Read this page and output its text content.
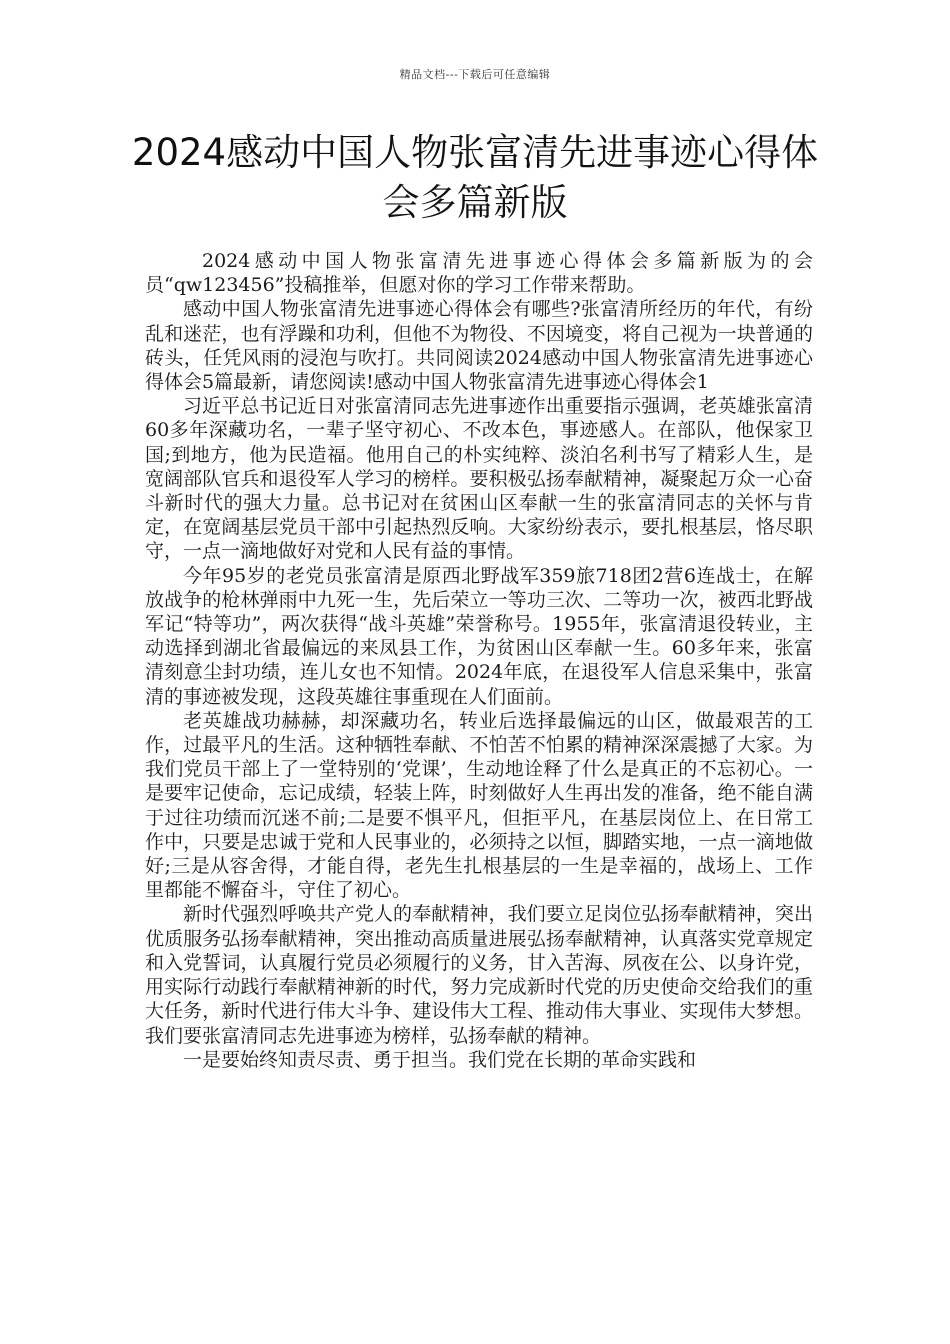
精品文档---下载后可任意编辑
2024感动中国人物张富清先进事迹心得体会多篇新版

2024感动中国人物张富清先进事迹心得体会多篇新版为的会员“qw123456”投稿推举，但愿对你的学习工作带来帮助。

感动中国人物张富清先进事迹心得体会有哪些?张富清所经历的年代，有纷乱和迷茫，也有浮躁和功利，但他不为物役、不因境变，将自己视为一块普通的砖头，任凭风雨的浸泡与吹打。共同阅读2024感动中国人物张富清先进事迹心得体会5篇最新，请您阅读!感动中国人物张富清先进事迹心得体会1

习近平总书记近日对张富清同志先进事迹作出重要指示强调，老英雄张富清60多年深藏功名，一辈子坚守初心、不改本色，事迹感人。在部队，他保家卫国;到地方，他为民造福。他用自己的朴实纯粹、淡泊名利书写了精彩人生，是宽阔部队官兵和退役军人学习的榜样。要积极弘扬奉献精神，凝聚起万众一心奋斗新时代的强大力量。总书记对在贫困山区奉献一生的张富清同志的关怀与肯定，在宽阔基层党员干部中引起热烈反响。大家纷纷表示，要扎根基层，恪尽职守，一点一滴地做好对党和人民有益的事情。

今年95岁的老党员张富清是原西北野战军359旅718团2营6连战士，在解放战争的枪林弹雨中九死一生，先后荣立一等功三次、二等功一次，被西北野战军记“特等功”，两次获得“战斗英雄”荣誉称号。1955年，张富清退役转业，主动选择到湖北省最偏远的来凤县工作，为贫困山区奉献一生。60多年来，张富清刻意尘封功绩，连儿女也不知情。2024年底，在退役军人信息采集中，张富清的事迹被发现，这段英雄往事重现在人们面前。

老英雄战功赫赫，却深藏功名，转业后选择最偏远的山区，做最艰苦的工作，过最平凡的生活。这种牺牲奉献、不怕苦不怕累的精神深深震撼了大家。为我们党员干部上了一堂特别的‘党课’，生动地诠释了什么是真正的不忘初心。一是要牢记使命，忘记成绩，轻装上阵，时刻做好人生再出发的准备，绝不能自满于过往功绩而沉迷不前;二是要不惧平凡，但拒平凡，在基层岗位上、在日常工作中，只要是忠诚于党和人民事业的，必须持之以恒，脚踏实地，一点一滴地做好;三是从容舍得，才能自得，老先生扎根基层的一生是幸福的，战场上、工作里都能不懈奋斗，守住了初心。

新时代强烈呼唤共产党人的奉献精神，我们要立足岗位弘扬奉献精神，突出优质服务弘扬奉献精神，突出推动高质量进展弘扬奉献精神，认真落实党章规定和入党誓词，认真履行党员必须履行的义务，甘入苦海、夙夜在公、以身许党，用实际行动践行奉献精神新的时代，努力完成新时代党的历史使命交给我们的重大任务，新时代进行伟大斗争、建设伟大工程、推动伟大事业、实现伟大梦想。我们要张富清同志先进事迹为榜样，弘扬奉献的精神。

一是要始终知责尽责、勇于担当。我们党在长期的革命实践和
